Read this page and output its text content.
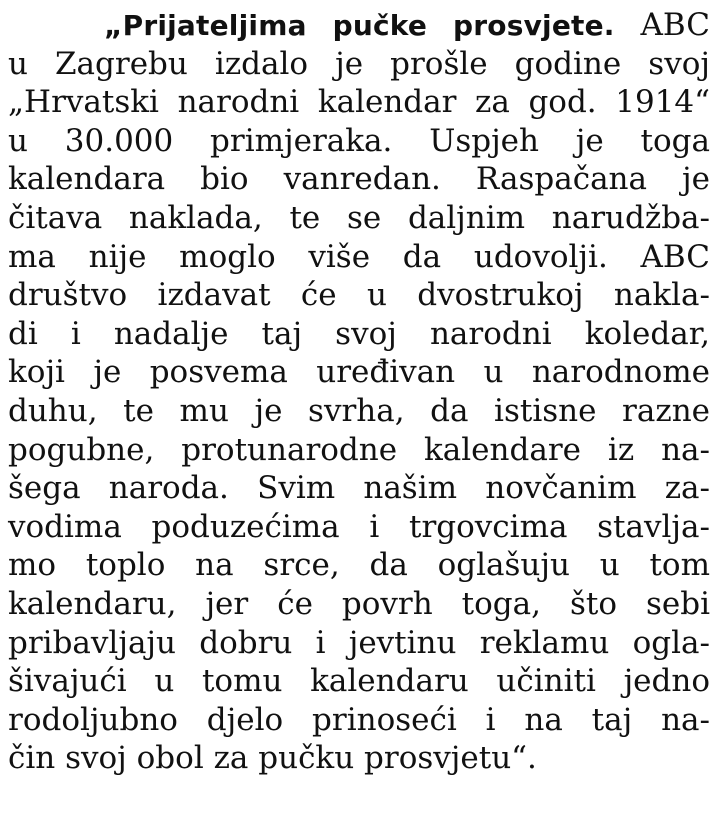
„Prijateljima pučke prosvjete. ABC
u Zagrebu izdalo je prošle godine svoj
„Hrvatski narodni kalendar za god. 1914“
u 30.000 primjeraka. Uspjeh je toga
kalendara bio vanredan. Raspačana je
čitava naklada, te se daljnim narudžba-
ma nije moglo više da udovolji. ABC
društvo izdavat će u dvostrukoj nakla-
di i nadalje taj svoj narodni koledar,
koji je posvema uređivan u narodnome
duhu, te mu je svrha, da istisne razne
pogubne, protunarodne kalendare iz na-
šega naroda. Svim našim novčanim za-
vodima poduzećima i trgovcima stavlja-
mo toplo na srce, da oglašuju u tom
kalendaru, jer će povrh toga, što sebi
pribavljaju dobru i jevtinu reklamu ogla-
šivajući u tomu kalendaru učiniti jedno
rodoljubno djelo prinoseći i na taj na-
čin svoj obol za pučku prosvjetu“.
